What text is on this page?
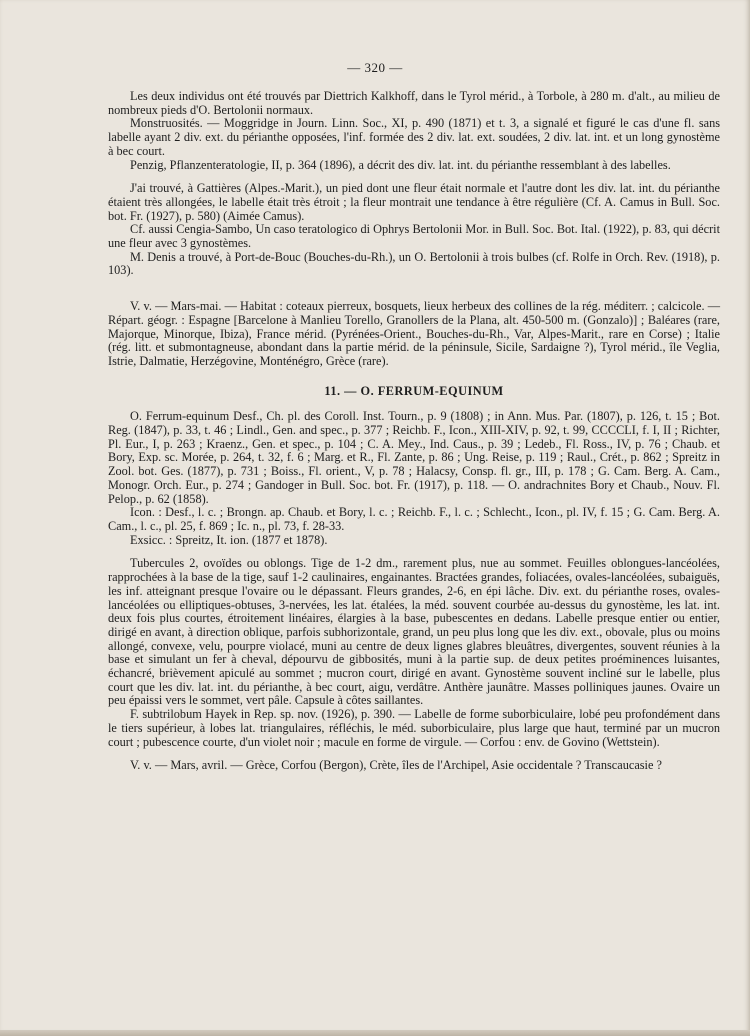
— 320 —

Les deux individus ont été trouvés par Diettrich Kalkhoff, dans le Tyrol mérid., à Torbole, à 280 m. d'alt., au milieu de nombreux pieds d'O. Bertolonii normaux.

Monstruosités. — Moggridge in Journ. Linn. Soc., XI, p. 490 (1871) et t. 3, a signalé et figuré le cas d'une fl. sans labelle ayant 2 div. ext. du périanthe opposées, l'inf. formée des 2 div. lat. ext. soudées, 2 div. lat. int. et un long gynostème à bec court.

Penzig, Pflanzenteratologie, II, p. 364 (1896), a décrit des div. lat. int. du périanthe ressemblant à des labelles.

J'ai trouvé, à Gattières (Alpes.-Marit.), un pied dont une fleur était normale et l'autre dont les div. lat. int. du périanthe étaient très allongées, le labelle était très étroit ; la fleur montrait une tendance à être régulière (Cf. A. Camus in Bull. Soc. bot. Fr. (1927), p. 580) (Aimée Camus).

Cf. aussi Cengia-Sambo, Un caso teratologico di Ophrys Bertolonii Mor. in Bull. Soc. Bot. Ital. (1922), p. 83, qui décrit une fleur avec 3 gynostèmes.

M. Denis a trouvé, à Port-de-Bouc (Bouches-du-Rh.), un O. Bertolonii à trois bulbes (cf. Rolfe in Orch. Rev. (1918), p. 103).

V. v. — Mars-mai. — Habitat : coteaux pierreux, bosquets, lieux herbeux des collines de la rég. méditerr. ; calcicole. — Répart. géogr. : Espagne [Barcelone à Manlieu Torello, Granollers de la Plana, alt. 450-500 m. (Gonzalo)] ; Baléares (rare, Majorque, Minorque, Ibiza), France mérid. (Pyrénées-Orient., Bouches-du-Rh., Var, Alpes-Marit., rare en Corse) ; Italie (rég. litt. et submontagneuse, abondant dans la partie mérid. de la péninsule, Sicile, Sardaigne ?), Tyrol mérid., île Veglia, Istrie, Dalmatie, Herzégovine, Monténégro, Grèce (rare).

11. — O. FERRUM-EQUINUM

O. Ferrum-equinum Desf., Ch. pl. des Coroll. Inst. Tourn., p. 9 (1808) ; in Ann. Mus. Par. (1807), p. 126, t. 15 ; Bot. Reg. (1847), p. 33, t. 46 ; Lindl., Gen. and spec., p. 377 ; Reichb. F., Icon., XIII-XIV, p. 92, t. 99, CCCCLI, f. I, II ; Richter, Pl. Eur., I, p. 263 ; Kraenz., Gen. et spec., p. 104 ; C. A. Mey., Ind. Caus., p. 39 ; Ledeb., Fl. Ross., IV, p. 76 ; Chaub. et Bory, Exp. sc. Morée, p. 264, t. 32, f. 6 ; Marg. et R., Fl. Zante, p. 86 ; Ung. Reise, p. 119 ; Raul., Crét., p. 862 ; Spreitz in Zool. bot. Ges. (1877), p. 731 ; Boiss., Fl. orient., V, p. 78 ; Halacsy, Consp. fl. gr., III, p. 178 ; G. Cam. Berg. A. Cam., Monogr. Orch. Eur., p. 274 ; Gandoger in Bull. Soc. bot. Fr. (1917), p. 118. — O. andrachnites Bory et Chaub., Nouv. Fl. Pelop., p. 62 (1858).

Icon. : Desf., l. c. ; Brongn. ap. Chaub. et Bory, l. c. ; Reichb. F., l. c. ; Schlecht., Icon., pl. IV, f. 15 ; G. Cam. Berg. A. Cam., l. c., pl. 25, f. 869 ; Ic. n., pl. 73, f. 28-33.

Exsicc. : Spreitz, It. ion. (1877 et 1878).

Tubercules 2, ovoïdes ou oblongs. Tige de 1-2 dm., rarement plus, nue au sommet. Feuilles oblongues-lancéolées, rapprochées à la base de la tige, sauf 1-2 caulinaires, engainantes. Bractées grandes, foliacées, ovales-lancéolées, subaiguës, les inf. atteignant presque l'ovaire ou le dépassant. Fleurs grandes, 2-6, en épi lâche. Div. ext. du périanthe roses, ovales-lancéolées ou elliptiques-obtuses, 3-nervées, les lat. étalées, la méd. souvent courbée au-dessus du gynostème, les lat. int. deux fois plus courtes, étroitement linéaires, élargies à la base, pubescentes en dedans. Labelle presque entier ou entier, dirigé en avant, à direction oblique, parfois subhorizontale, grand, un peu plus long que les div. ext., obovale, plus ou moins allongé, convexe, velu, pourpre violacé, muni au centre de deux lignes glabres bleuâtres, divergentes, souvent réunies à la base et simulant un fer à cheval, dépourvu de gibbosités, muni à la partie sup. de deux petites proéminences luisantes, échancré, brièvement apiculé au sommet ; mucron court, dirigé en avant. Gynostème souvent incliné sur le labelle, plus court que les div. lat. int. du périanthe, à bec court, aigu, verdâtre. Anthère jaunâtre. Masses polliniques jaunes. Ovaire un peu épaissi vers le sommet, vert pâle. Capsule à côtes saillantes.

F. subtrilobum Hayek in Rep. sp. nov. (1926), p. 390. — Labelle de forme suborbiculaire, lobé peu profondément dans le tiers supérieur, à lobes lat. triangulaires, réfléchis, le méd. suborbiculaire, plus large que haut, terminé par un mucron court ; pubescence courte, d'un violet noir ; macule en forme de virgule. — Corfou : env. de Govino (Wettstein).

V. v. — Mars, avril. — Grèce, Corfou (Bergon), Crète, îles de l'Archipel, Asie occidentale ? Transcaucasie ?
